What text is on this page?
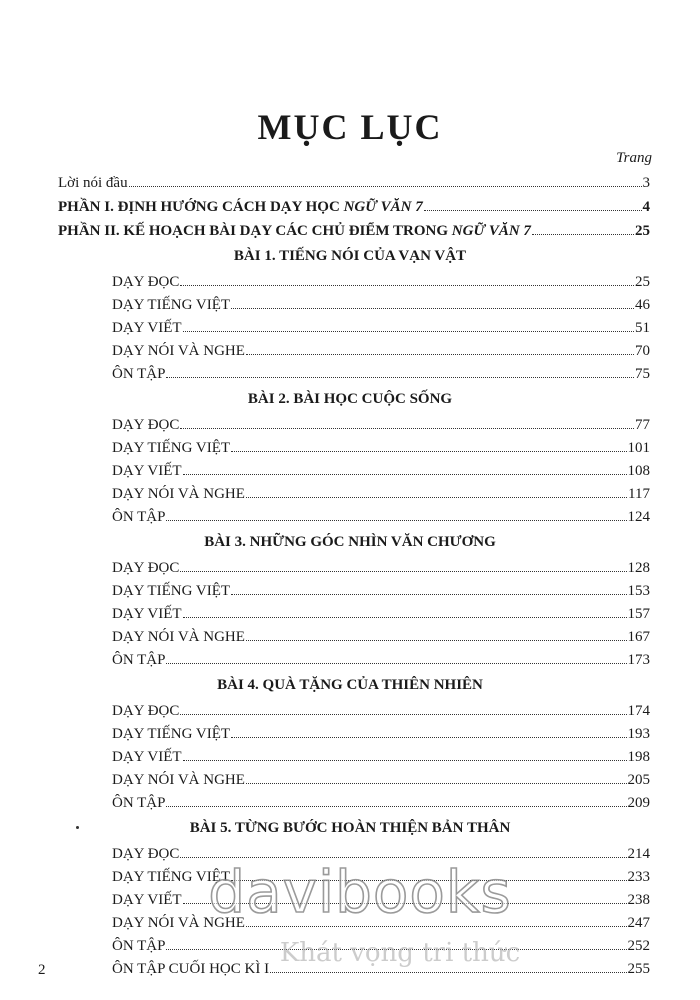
MỤC LỤC
Trang
Lời nói đầu	3
PHẦN I. ĐỊNH HƯỚNG CÁCH DẠY HỌC NGỮ VĂN 7	4
PHẦN II. KẾ HOẠCH BÀI DẠY CÁC CHỦ ĐIỂM TRONG NGỮ VĂN 7	25
BÀI 1. TIẾNG NÓI CỦA VẠN VẬT
DẠY ĐỌC	25
DẠY TIẾNG VIỆT	46
DẠY VIẾT	51
DẠY NÓI VÀ NGHE	70
ÔN TẬP	75
BÀI 2. BÀI HỌC CUỘC SỐNG
DẠY ĐỌC	77
DẠY TIẾNG VIỆT	101
DẠY VIẾT	108
DẠY NÓI VÀ NGHE	117
ÔN TẬP	124
BÀI 3. NHỮNG GÓC NHÌN VĂN CHƯƠNG
DẠY ĐỌC	128
DẠY TIẾNG VIỆT	153
DẠY VIẾT	157
DẠY NÓI VÀ NGHE	167
ÔN TẬP	173
BÀI 4. QUÀ TẶNG CỦA THIÊN NHIÊN
DẠY ĐỌC	174
DẠY TIẾNG VIỆT	193
DẠY VIẾT	198
DẠY NÓI VÀ NGHE	205
ÔN TẬP	209
BÀI 5. TỪNG BƯỚC HOÀN THIỆN BẢN THÂN
DẠY ĐỌC	214
DẠY TIẾNG VIỆT	233
DẠY VIẾT	238
DẠY NÓI VÀ NGHE	247
ÔN TẬP	252
ÔN TẬP CUỐI HỌC KÌ I	255
2
davibooks
Khát vọng tri thức
